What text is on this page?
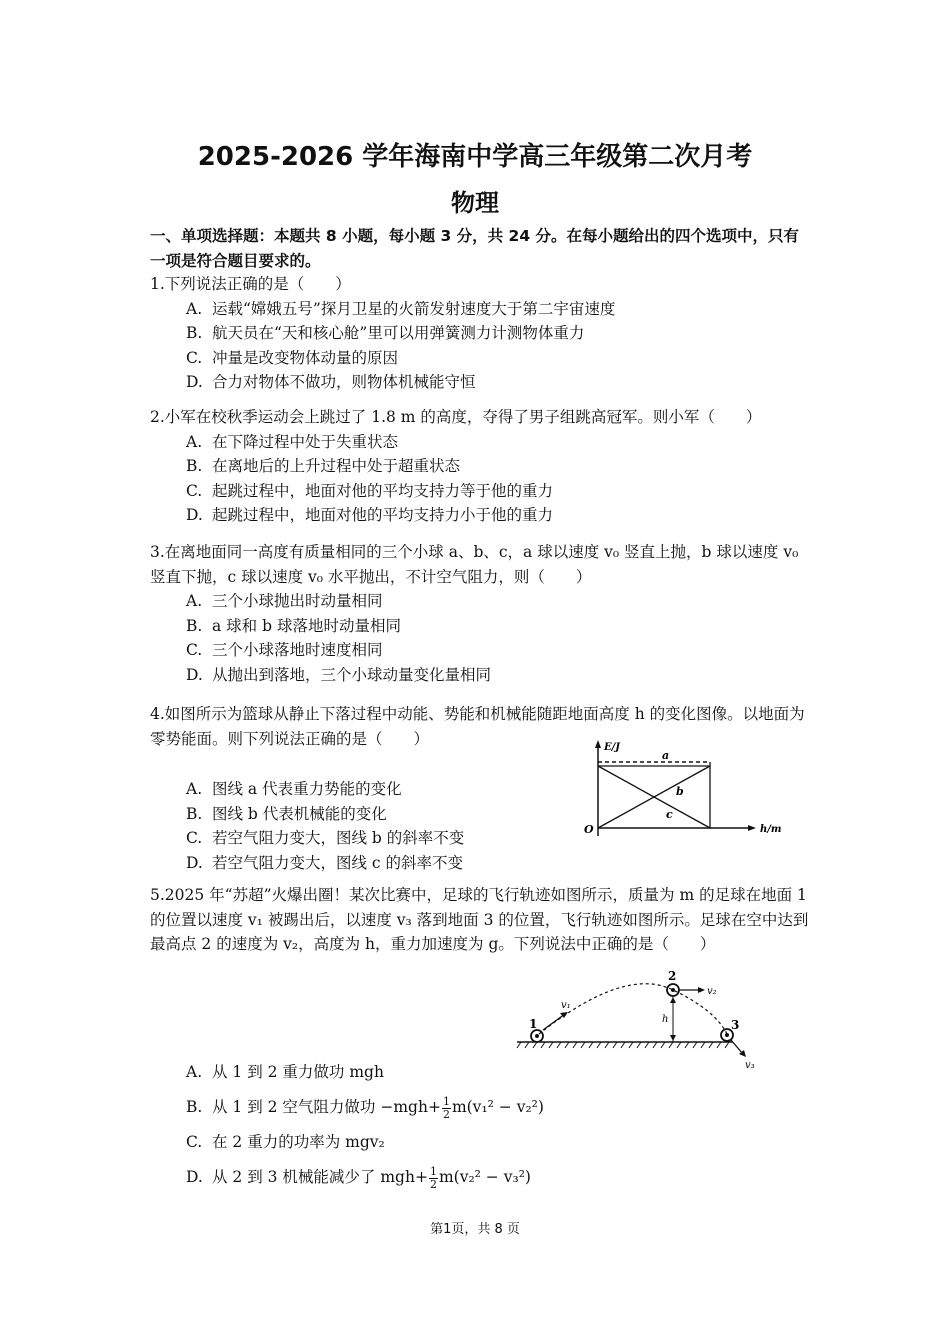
2025-2026 学年海南中学高三年级第二次月考
物理
一、单项选择题：本题共 8 小题，每小题 3 分，共 24 分。在每小题给出的四个选项中，只有一项是符合题目要求的。
1.下列说法正确的是（　　）
A. 运载“嫦娥五号”探月卫星的火箭发射速度大于第二宇宙速度
B. 航天员在“天和核心舱”里可以用弹簧测力计测物体重力
C. 冲量是改变物体动量的原因
D. 合力对物体不做功，则物体机械能守恒
2.小军在校秋季运动会上跳过了 1.8 m 的高度，夺得了男子组跳高冠军。则小军（　　）
A. 在下降过程中处于失重状态
B. 在离地后的上升过程中处于超重状态
C. 起跳过程中，地面对他的平均支持力等于他的重力
D. 起跳过程中，地面对他的平均支持力小于他的重力
3.在离地面同一高度有质量相同的三个小球 a、b、c，a 球以速度 v₀ 竖直上抛，b 球以速度 v₀ 竖直下抛，c 球以速度 v₀ 水平抛出，不计空气阻力，则（　　）
A. 三个小球抛出时动量相同
B. a 球和 b 球落地时动量相同
C. 三个小球落地时速度相同
D. 从抛出到落地，三个小球动量变化量相同
4.如图所示为篮球从静止下落过程中动能、势能和机械能随距地面高度 h 的变化图像。以地面为零势能面。则下列说法正确的是（　　）
A. 图线 a 代表重力势能的变化
B. 图线 b 代表机械能的变化
C. 若空气阻力变大，图线 b 的斜率不变
D. 若空气阻力变大，图线 c 的斜率不变
E/J
h/m
O
a
b
c
5.2025 年“苏超”火爆出圈！某次比赛中，足球的飞行轨迹如图所示，质量为 m 的足球在地面 1 的位置以速度 v₁ 被踢出后，以速度 v₃ 落到地面 3 的位置，飞行轨迹如图所示。足球在空中达到最高点 2 的速度为 v₂，高度为 h，重力加速度为 g。下列说法中正确的是（　　）
A. 从 1 到 2 重力做功 mgh
B. 从 1 到 2 空气阻力做功 $-mgh+ \frac{1}{2} m(v_1^2 - v_2^2)$
C. 在 2 重力的功率为 mgv₂
D. 从 2 到 3 机械能减少了 $mgh+ \frac{1}{2} m(v_2^2 - v_3^2)$
1
2
3
v₁
v₂
v₃
h
第1页，共 8 页
